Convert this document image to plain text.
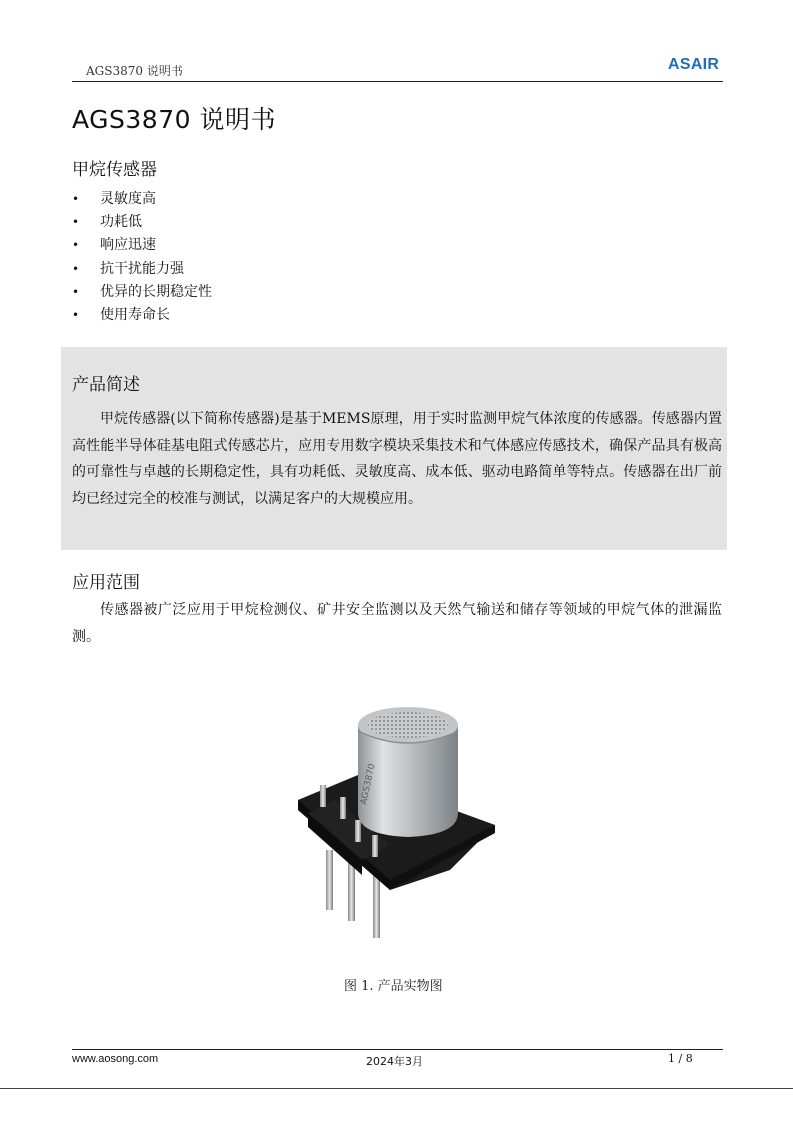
AGS3870 说明书	ASAIR
AGS3870 说明书
甲烷传感器
• 灵敏度高
• 功耗低
• 响应迅速
• 抗干扰能力强
• 优异的长期稳定性
• 使用寿命长
产品简述
甲烷传感器(以下简称传感器)是基于MEMS原理，用于实时监测甲烷气体浓度的传感器。传感器内置高性能半导体硅基电阻式传感芯片，应用专用数字模块采集技术和气体感应传感技术，确保产品具有极高的可靠性与卓越的长期稳定性，具有功耗低、灵敏度高、成本低、驱动电路简单等特点。传感器在出厂前均已经过完全的校准与测试，以满足客户的大规模应用。
应用范围
传感器被广泛应用于甲烷检测仪、矿井安全监测以及天然气输送和储存等领域的甲烷气体的泄漏监测。
AGS3870
图 1. 产品实物图
www.aosong.com	2024年3月	1 / 8
